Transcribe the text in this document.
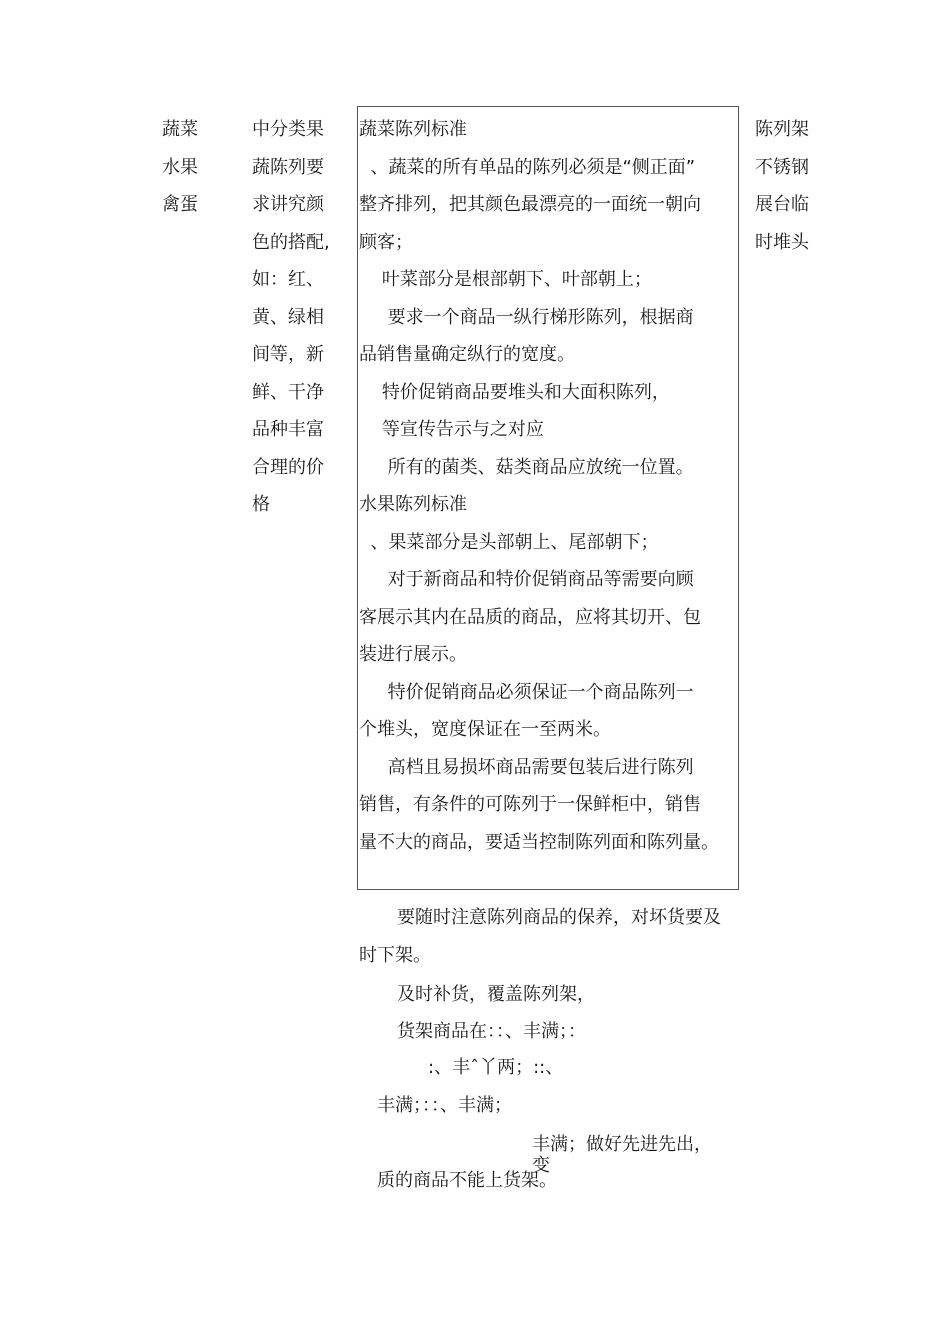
蔬菜
水果
禽蛋
中分类果
蔬陈列要
求讲究颜
色的搭配,
如：红、
黄、绿相
间等，新
鲜、干净
品种丰富
合理的价
格
蔬菜陈列标准
、蔬菜的所有单品的陈列必须是“侧正面”
整齐排列，把其颜色最漂亮的一面统一朝向
顾客；
叶菜部分是根部朝下、叶部朝上；
要求一个商品一纵行梯形陈列，根据商
品销售量确定纵行的宽度。
特价促销商品要堆头和大面积陈列，
等宣传告示与之对应
所有的菌类、菇类商品应放统一位置。
水果陈列标准
、果菜部分是头部朝上、尾部朝下；
对于新商品和特价促销商品等需要向顾
客展示其内在品质的商品，应将其切开、包
装进行展示。
特价促销商品必须保证一个商品陈列一
个堆头，宽度保证在一至两米。
高档且易损坏商品需要包装后进行陈列
销售，有条件的可陈列于一保鲜柜中，销售
量不大的商品，要适当控制陈列面和陈列量。
陈列架
不锈钢
展台临
时堆头
要随时注意陈列商品的保养，对坏货要及
时下架。
及时补货，覆盖陈列架，
货架商品在：：、丰满；：
:、丰ˆ丫两；::、
丰满；：：、丰满；
丰满；做好先进先出，
变
质的商品不能上货架。
